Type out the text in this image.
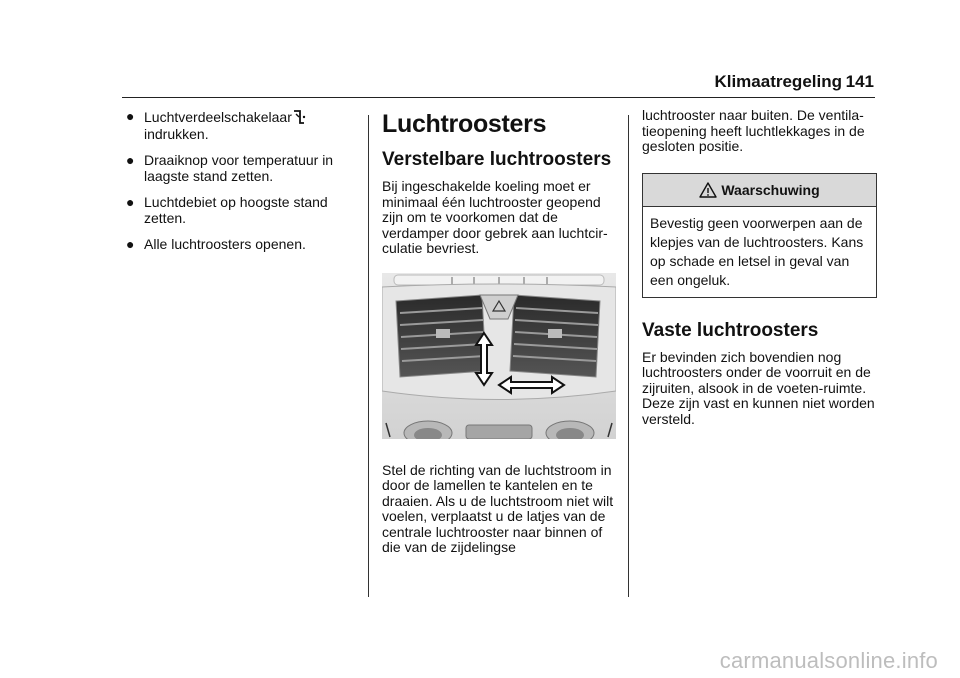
Klimaatregeling 141
● Luchtverdeelschakelaar
indrukken.
● Draaiknop voor temperatuur in laagste stand zetten.
● Luchtdebiet op hoogste stand zetten.
● Alle luchtroosters openen.
Luchtroosters
Verstelbare luchtroosters

Bij ingeschakelde koeling moet er minimaal één luchtrooster geopend zijn om te voorkomen dat de verdamper door gebrek aan luchtcir-culatie bevriest.

Stel de richting van de luchtstroom in door de lamellen te kantelen en te draaien. Als u de luchtstroom niet wilt voelen, verplaatst u de latjes van de centrale luchtrooster naar binnen of die van de zijdelingse

luchtrooster naar buiten. De ventila-tieopening heeft luchtlekkages in de gesloten positie.

Waarschuwing
Bevestig geen voorwerpen aan de klepjes van de luchtroosters. Kans op schade en letsel in geval van een ongeluk.
Vaste luchtroosters

Er bevinden zich bovendien nog luchtroosters onder de voorruit en de zijruiten, alsook in de voeten-ruimte. Deze zijn vast en kunnen niet worden versteld.

carmanualsonline.info
